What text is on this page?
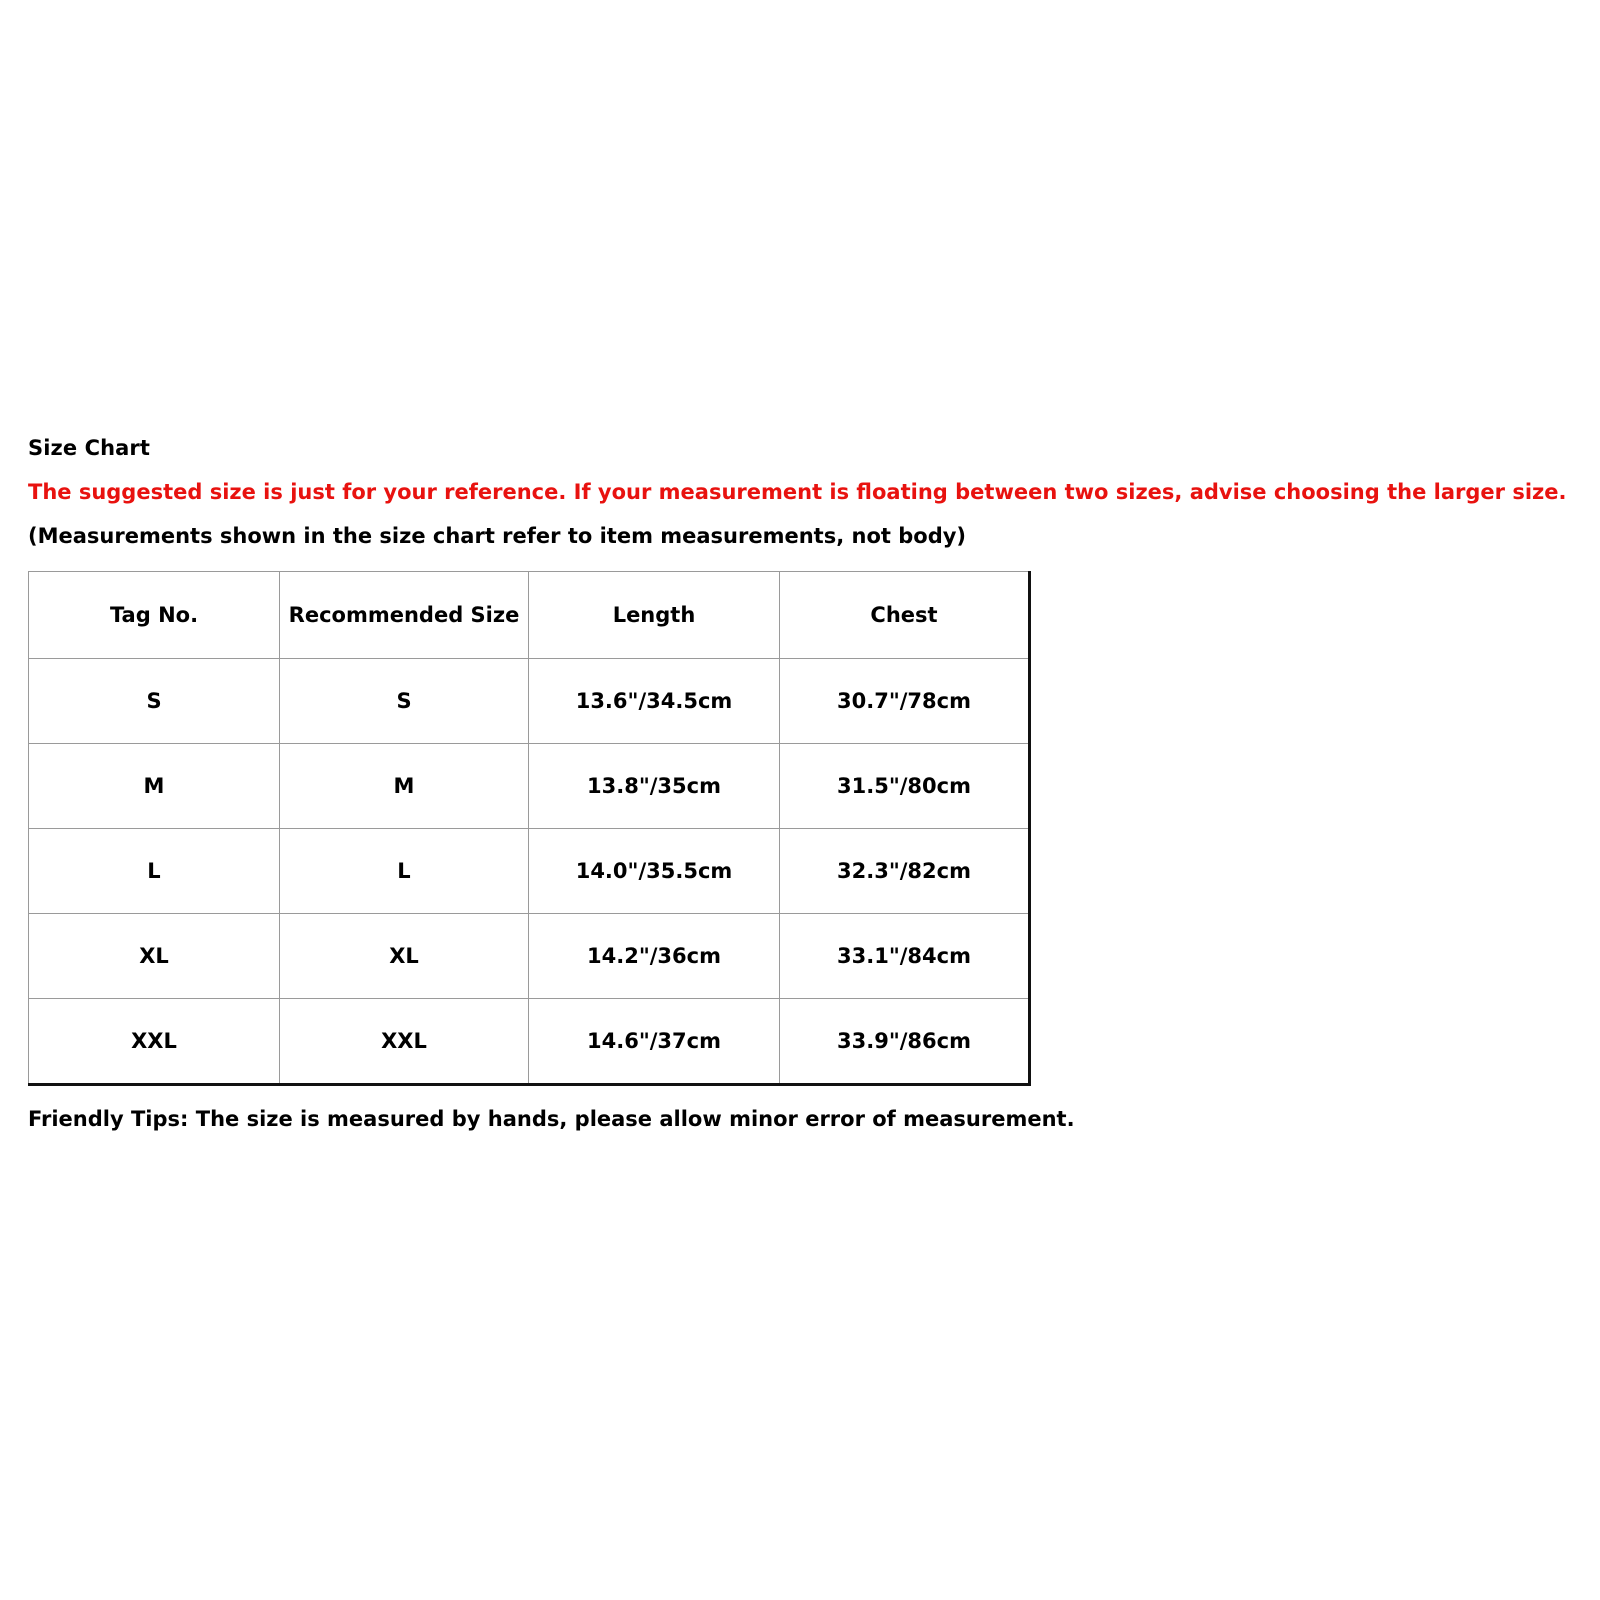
Size Chart
The suggested size is just for your reference. If your measurement is floating between two sizes, advise choosing the larger size.
(Measurements shown in the size chart refer to item measurements, not body)
Tag No.	Recommended Size	Length	Chest
S	S	13.6"/34.5cm	30.7"/78cm
M	M	13.8"/35cm	31.5"/80cm
L	L	14.0"/35.5cm	32.3"/82cm
XL	XL	14.2"/36cm	33.1"/84cm
XXL	XXL	14.6"/37cm	33.9"/86cm
Friendly Tips: The size is measured by hands, please allow minor error of measurement.
